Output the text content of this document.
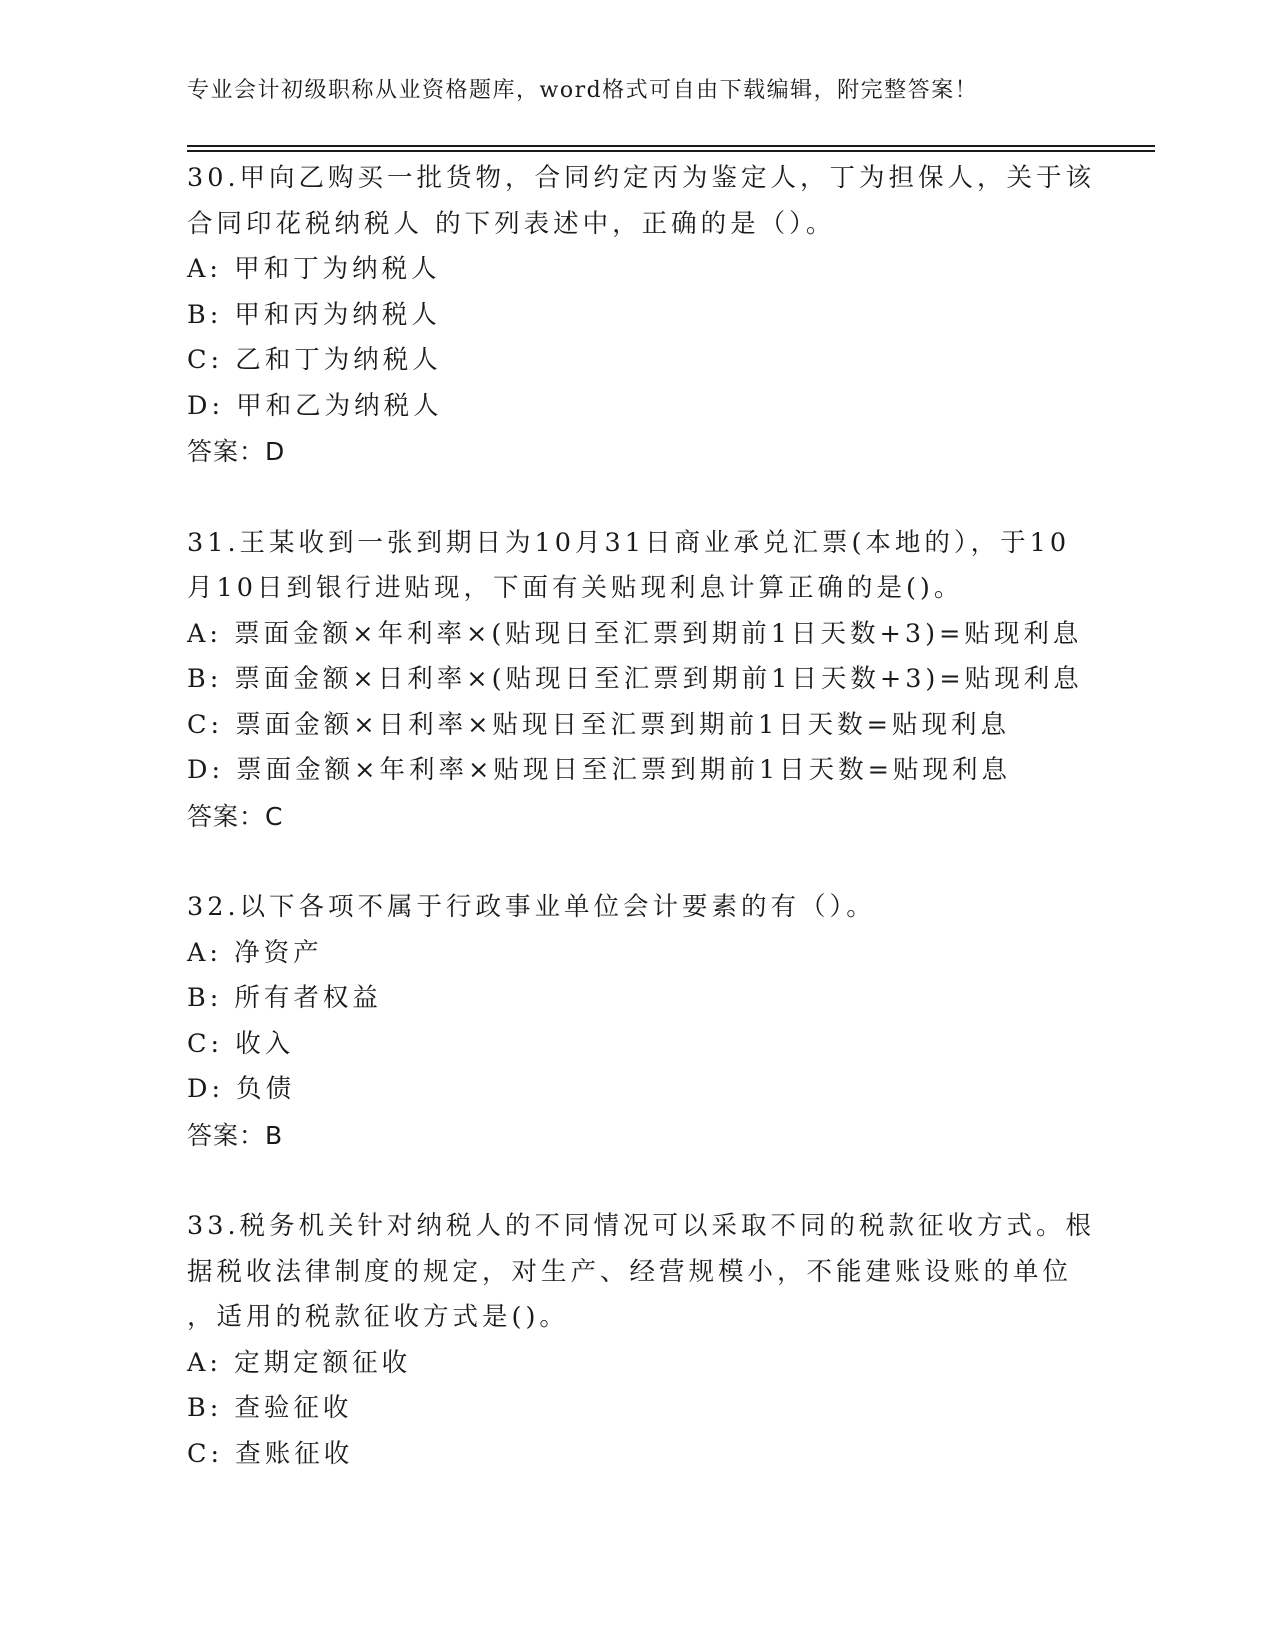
专业会计初级职称从业资格题库，word格式可自由下载编辑，附完整答案！
30.甲向乙购买一批货物，合同约定丙为鉴定人，丁为担保人，关于该
合同印花税纳税人 的下列表述中，正确的是（）。
A: 甲和丁为纳税人
B: 甲和丙为纳税人
C: 乙和丁为纳税人
D: 甲和乙为纳税人
答案：D
31.王某收到一张到期日为10月31日商业承兑汇票(本地的），于10
月10日到银行进贴现，下面有关贴现利息计算正确的是()。
A: 票面金额×年利率×(贴现日至汇票到期前1日天数+3)=贴现利息
B: 票面金额×日利率×(贴现日至汇票到期前1日天数+3)=贴现利息
C: 票面金额×日利率×贴现日至汇票到期前1日天数=贴现利息
D: 票面金额×年利率×贴现日至汇票到期前1日天数=贴现利息
答案：C
32.以下各项不属于行政事业单位会计要素的有（）。
A: 净资产
B: 所有者权益
C: 收入
D: 负债
答案：B
33.税务机关针对纳税人的不同情况可以采取不同的税款征收方式。根
据税收法律制度的规定，对生产、经营规模小，不能建账设账的单位
，适用的税款征收方式是()。
A: 定期定额征收
B: 查验征收
C: 查账征收
